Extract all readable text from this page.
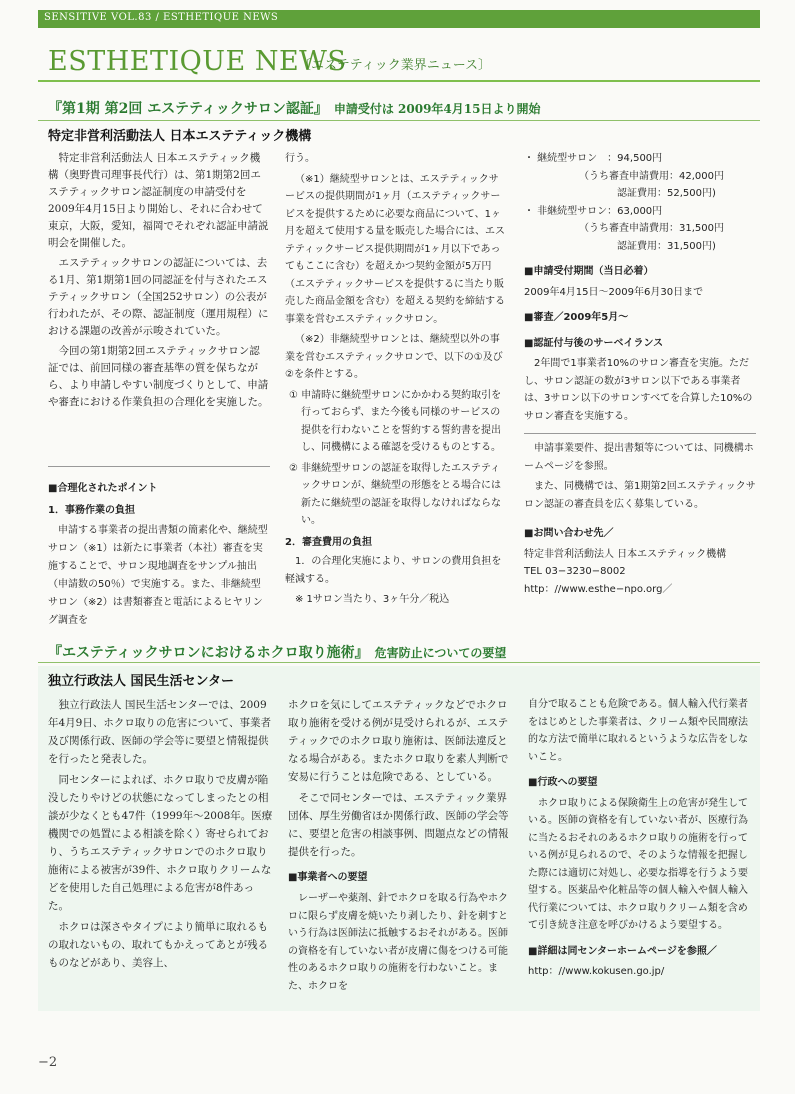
SENSITIVE VOL.83 / ESTHETIQUE NEWS
ESTHETIQUE NEWS
〔エステティック業界ニュース〕
『第1期 第2回 エステティックサロン認証』 申請受付は 2009年4月15日より開始
特定非営利活動法人 日本エステティック機構

特定非営利活動法人 日本エステティック機構（奥野貴司理事長代行）は、第1期第2回エステティックサロン認証制度の申請受付を2009年4月15日より開始し、それに合わせて東京，大阪，愛知，福岡でそれぞれ認証申請説明会を開催した。

エステティックサロンの認証については、去る1月、第1期第1回の同認証を付与されたエステティックサロン（全国252サロン）の公表が行われたが、その際、認証制度（運用規程）における課題の改善が示唆されていた。

今回の第1期第2回エステティックサロン認証では、前回同様の審査基準の質を保ちながら、より申請しやすい制度づくりとして、申請や審査における作業負担の合理化を実施した。

■合理化されたポイント
1．事務作業の負担

申請する事業者の提出書類の簡素化や、継続型サロン（※1）は新たに事業者（本社）審査を実施することで、サロン現地調査をサンプル抽出（申請数の50％）で実施する。また、非継続型サロン（※2）は書類審査と電話によるヒヤリング調査を

行う。

（※1）継続型サロンとは、エステティックサービスの提供期間が1ヶ月（エステティックサービスを提供するために必要な商品について、1ヶ月を超えて使用する量を販売した場合には、エステティックサービス提供期間が1ヶ月以下であってもここに含む）を超えかつ契約金額が5万円（エステティックサービスを提供するに当たり販売した商品金額を含む）を超える契約を締結する事業を営むエステティックサロン。

（※2）非継続型サロンとは、継続型以外の事業を営むエステティックサロンで、以下の①及び②を条件とする。

① 申請時に継続型サロンにかかわる契約取引を行っておらず、また今後も同様のサービスの提供を行わないことを誓約する誓約書を提出し、同機構による確認を受けるものとする。

② 非継続型サロンの認証を取得したエステティックサロンが、継続型の形態をとる場合には新たに継続型の認証を取得しなければならない。

2．審査費用の負担

1．の合理化実施により、サロンの費用負担を軽減する。

※ 1サロン当たり、3ヶ午分／税込

・ 継続型サロン　：94,500円
（うち審査申請費用：42,000円
認証費用：52,500円)
・ 非継続型サロン：63,000円
（うち審査申請費用：31,500円
認証費用：31,500円)
■申請受付期間（当日必着）

2009年4月15日～2009年6月30日まで

■審査／2009年5月～
■認証付与後のサーベイランス

2年間で1事業者10%のサロン審査を実施。ただし、サロン認証の数が3サロン以下である事業者は、3サロン以下のサロンすべてを合算した10%のサロン審査を実施する。

申請事業要件、提出書類等については、同機構ホームページを参照。

また、同機構では、第1期第2回エステティックサロン認証の審査員を広く募集している。

■お問い合わせ先／
特定非営利活動法人 日本エステティック機構
TEL 03−3230−8002
http：//www.esthe−npo.org／
『エステティックサロンにおけるホクロ取り施術』 危害防止についての要望
独立行政法人 国民生活センター

独立行政法人 国民生活センターでは、2009年4月9日、ホクロ取りの危害について、事業者及び関係行政、医師の学会等に要望と情報提供を行ったと発表した。

同センターによれば、ホクロ取りで皮膚が陥没したりやけどの状態になってしまったとの相談が少なくとも47件（1999年〜2008年。医療機関での処置による相談を除く）寄せられており、うちエステティックサロンでのホクロ取り施術による被害が39件、ホクロ取りクリームなどを使用した自己処理による危害が8件あった。

ホクロは深さやタイプにより簡単に取れるもの取れないもの、取れてもかえってあとが残るものなどがあり、美容上、

ホクロを気にしてエステティックなどでホクロ取り施術を受ける例が見受けられるが、エステティックでのホクロ取り施術は、医師法違反となる場合がある。またホクロ取りを素人判断で安易に行うことは危険である、としている。

そこで同センターでは、エステティック業界団体、厚生労働省ほか関係行政、医師の学会等に、要望と危害の相談事例、問題点などの情報提供を行った。

■事業者への要望

レーザーや薬剤、針でホクロを取る行為やホクロに限らず皮膚を焼いたり剥したり、針を刺すという行為は医師法に抵触するおそれがある。医師の資格を有していない者が皮膚に傷をつける可能性のあるホクロ取りの施術を行わないこと。また、ホクロを

自分で取ることも危険である。個人輸入代行業者をはじめとした事業者は、クリーム類や民間療法的な方法で簡単に取れるというような広告をしないこと。

■行政への要望

ホクロ取りによる保険衛生上の危害が発生している。医師の資格を有していない者が、医療行為に当たるおそれのあるホクロ取りの施術を行っている例が見られるので、そのような情報を把握した際には適切に対処し、必要な指導を行うよう要望する。医薬品や化粧品等の個人輸入や個人輸入代行業については、ホクロ取りクリーム類を含めて引き続き注意を呼びかけるよう要望する。

■詳細は同センターホームページを参照／
http：//www.kokusen.go.jp/
−2
